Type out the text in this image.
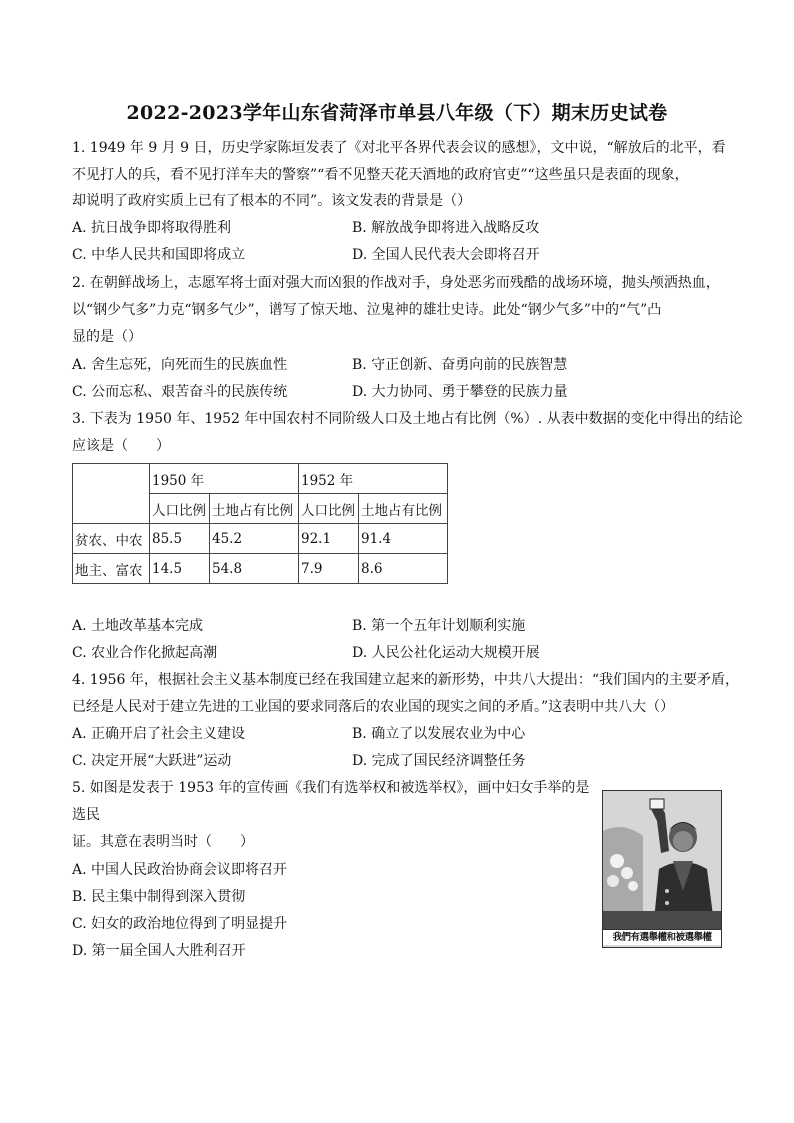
2022-2023学年山东省菏泽市单县八年级（下）期末历史试卷
1. 1949 年 9 月 9 日，历史学家陈垣发表了《对北平各界代表会议的感想》，文中说，“解放后的北平，看
不见打人的兵，看不见打洋车夫的警察”“看不见整天花天酒地的政府官吏”“这些虽只是表面的现象，
却说明了政府实质上已有了根本的不同”。该文发表的背景是（）
A. 抗日战争即将取得胜利	B. 解放战争即将进入战略反攻
C. 中华人民共和国即将成立	D. 全国人民代表大会即将召开
2. 在朝鲜战场上，志愿军将士面对强大而凶狠的作战对手，身处恶劣而残酷的战场环境，抛头颅洒热血，
以“钢少气多”力克“钢多气少”，谱写了惊天地、泣鬼神的雄壮史诗。此处“钢少气多”中的“气”凸
显的是（）
A. 舍生忘死，向死而生的民族血性	B. 守正创新、奋勇向前的民族智慧
C. 公而忘私、艰苦奋斗的民族传统	D. 大力协同、勇于攀登的民族力量
3. 下表为 1950 年、1952 年中国农村不同阶级人口及土地占有比例（%）. 从表中数据的变化中得出的结论
应该是（　　）
	1950 年		1952 年	
	人口比例	土地占有比例	人口比例	土地占有比例
贫农、中农	85.5	45.2	92.1	91.4
地主、富农	14.5	54.8	7.9	8.6
A. 土地改革基本完成	B. 第一个五年计划顺利实施
C. 农业合作化掀起高潮	D. 人民公社化运动大规模开展
4. 1956 年，根据社会主义基本制度已经在我国建立起来的新形势，中共八大提出：“我们国内的主要矛盾，
已经是人民对于建立先进的工业国的要求同落后的农业国的现实之间的矛盾。”这表明中共八大（）
A. 正确开启了社会主义建设	B. 确立了以发展农业为中心
C. 决定开展“大跃进”运动	D. 完成了国民经济调整任务
5. 如图是发表于 1953 年的宣传画《我们有选举权和被选举权》，画中妇女手举的是
选民
证。其意在表明当时（　　）
A. 中国人民政治协商会议即将召开
B. 民主集中制得到深入贯彻
C. 妇女的政治地位得到了明显提升
D. 第一届全国人大胜利召开
我們有選舉權和被選舉權
